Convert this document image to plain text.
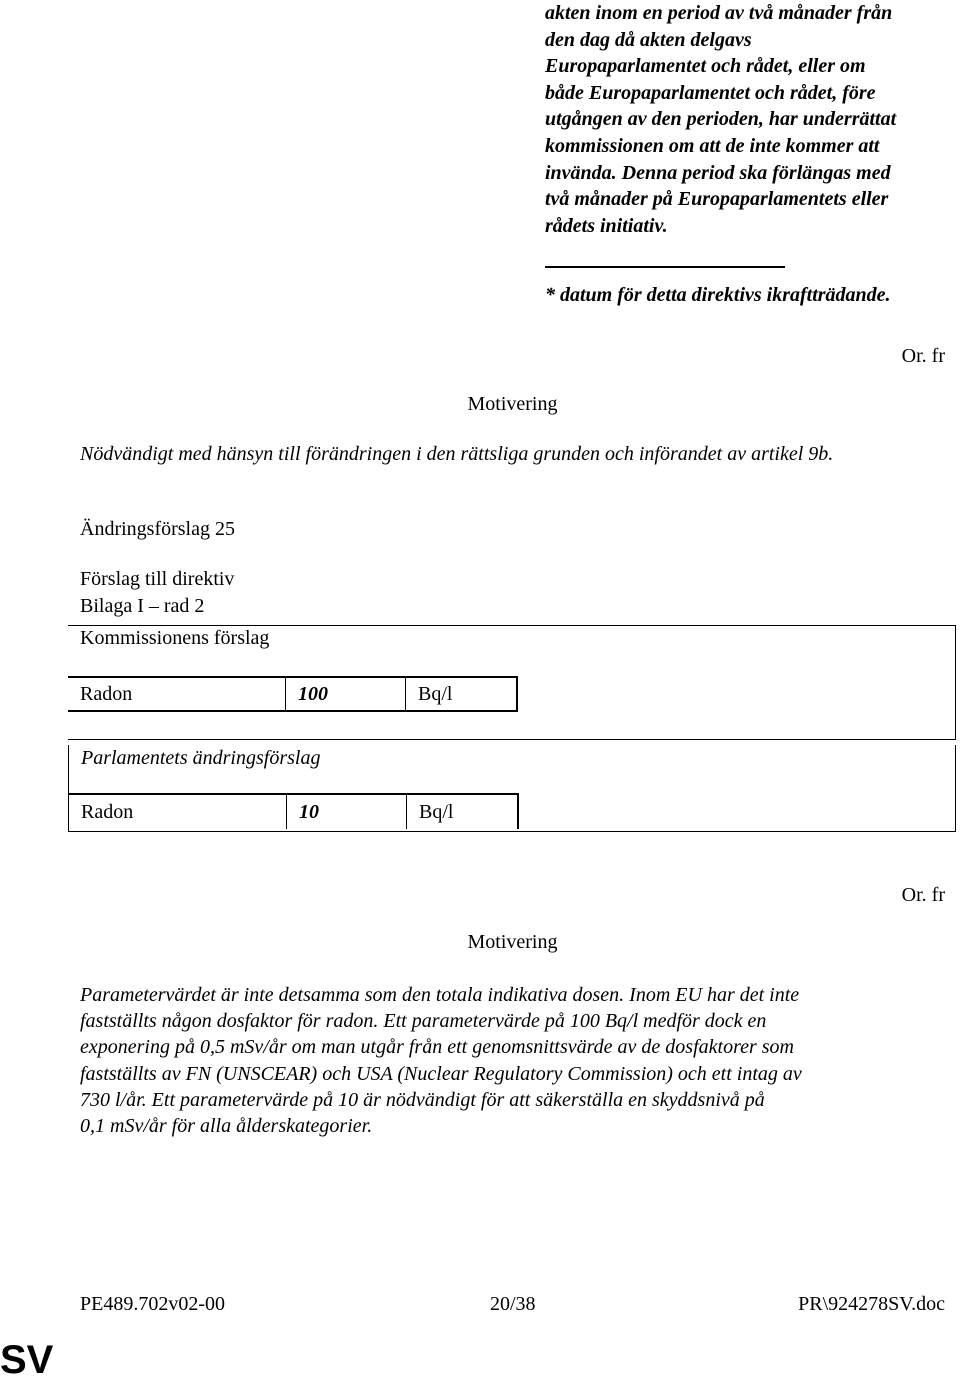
akten inom en period av två månader från
den dag då akten delgavs
Europaparlamentet och rådet, eller om
både Europaparlamentet och rådet, före
utgången av den perioden, har underrättat
kommissionen om att de inte kommer att
invända. Denna period ska förlängas med
två månader på Europaparlamentets eller
rådets initiativ.
* datum för detta direktivs ikraftträdande.
Or. fr
Motivering
Nödvändigt med hänsyn till förändringen i den rättsliga grunden och införandet av artikel 9b.
Ändringsförslag 25
Förslag till direktiv
Bilaga I – rad 2
Kommissionens förslag
Radon	100	Bq/l
Parlamentets ändringsförslag
Radon	10	Bq/l
Or. fr
Motivering
Parametervärdet är inte detsamma som den totala indikativa dosen. Inom EU har det inte
fastställts någon dosfaktor för radon. Ett parametervärde på 100 Bq/l medför dock en
exponering på 0,5 mSv/år om man utgår från ett genomsnittsvärde av de dosfaktorer som
fastställts av FN (UNSCEAR) och USA (Nuclear Regulatory Commission) och ett intag av
730 l/år. Ett parametervärde på 10 är nödvändigt för att säkerställa en skyddsnivå på
0,1 mSv/år för alla ålderskategorier.
PE489.702v02-00	20/38	PR\924278SV.doc
SV
